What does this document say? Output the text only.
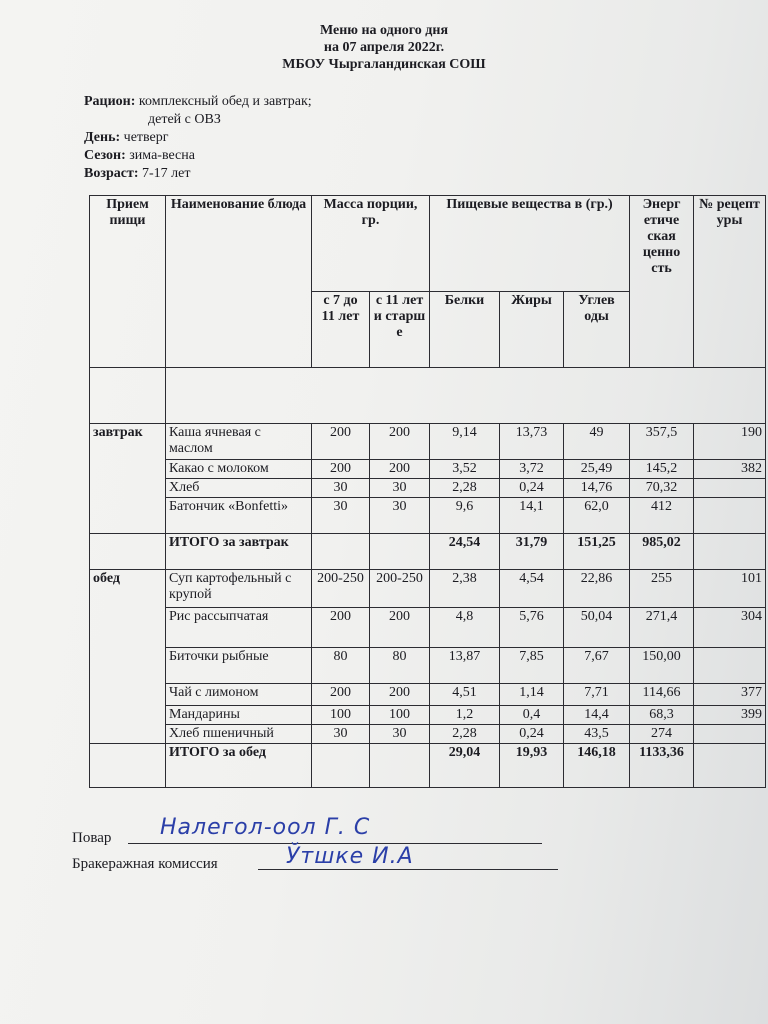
Меню на одного дня
на 07 апреля 2022г.
МБОУ Чыргаландинская СОШ
Рацион: комплексный обед и завтрак;
детей с ОВЗ
День: четверг
Сезон: зима-весна
Возраст: 7-17 лет
Прием пищи	Наименование блюда	Масса порции, гр.		Пищевые вещества в (гр.)			Энерг етиче ская ценно сть	№ рецепт уры
		с 7 до 11 лет	с 11 лет и старш е	Белки	Жиры	Углев оды		

завтрак	Каша ячневая с маслом	200	200	9,14	13,73	49	357,5	190
	Какао с молоком	200	200	3,52	3,72	25,49	145,2	382
	Хлеб	30	30	2,28	0,24	14,76	70,32	
	Батончик «Bonfetti»	30	30	9,6	14,1	62,0	412	
	ИТОГО за завтрак			24,54	31,79	151,25	985,02	
обед	Суп картофельный с крупой	200-250	200-250	2,38	4,54	22,86	255	101
	Рис рассыпчатая	200	200	4,8	5,76	50,04	271,4	304
	Биточки рыбные	80	80	13,87	7,85	7,67	150,00	
	Чай с лимоном	200	200	4,51	1,14	7,71	114,66	377
	Мандарины	100	100	1,2	0,4	14,4	68,3	399
	Хлеб пшеничный	30	30	2,28	0,24	43,5	274	
	ИТОГО за обед			29,04	19,93	146,18	1133,36	
Повар Налегол-оол Г. С
Бракеражная комиссия	Ўтшке И.А
